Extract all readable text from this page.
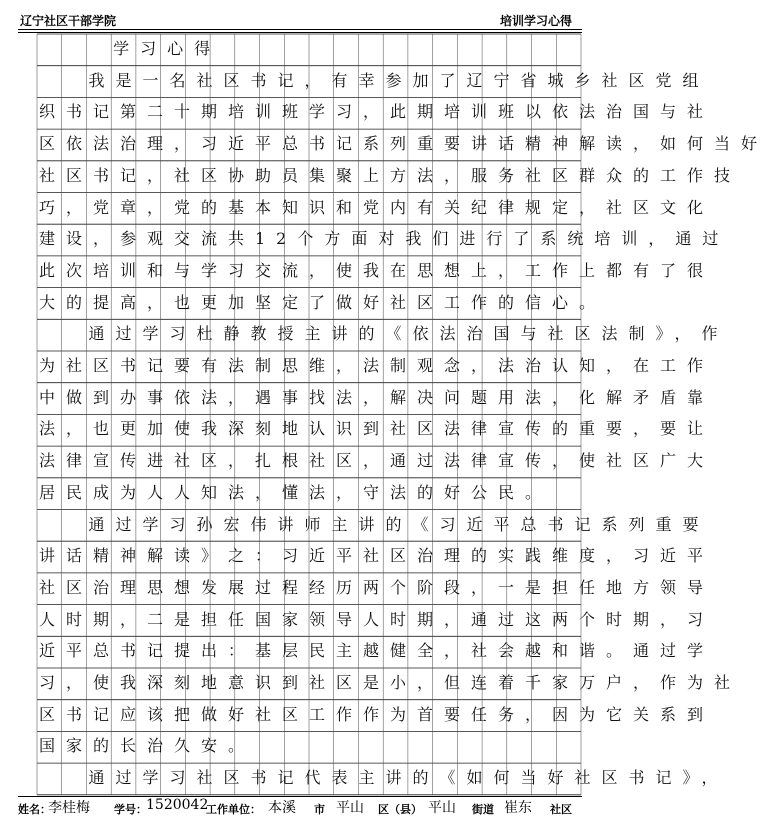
辽宁社区干部学院	培训学习心得
学习心得
我是一名社区书记，有幸参加了辽宁省城乡社区党组
织书记第二十期培训班学习，此期培训班以依法治国与社
区依法治理，习近平总书记系列重要讲话精神解读，如何当好
社区书记，社区协助员集聚上方法，服务社区群众的工作技
巧，党章，党的基本知识和党内有关纪律规定，社区文化
建设，参观交流共12个方面对我们进行了系统培训，通过
此次培训和与学习交流，使我在思想上，工作上都有了很
大的提高，也更加坚定了做好社区工作的信心。
通过学习杜静教授主讲的《依法治国与社区法制》，作
为社区书记要有法制思维，法制观念，法治认知，在工作
中做到办事依法，遇事找法，解决问题用法，化解矛盾靠
法，也更加使我深刻地认识到社区法律宣传的重要，要让
法律宣传进社区，扎根社区，通过法律宣传，使社区广大
居民成为人人知法，懂法，守法的好公民。
通过学习孙宏伟讲师主讲的《习近平总书记系列重要
讲话精神解读》之：习近平社区治理的实践维度，习近平
社区治理思想发展过程经历两个阶段，一是担任地方领导
人时期，二是担任国家领导人时期，通过这两个时期，习
近平总书记提出：基层民主越健全，社会越和谐。通过学
习，使我深刻地意识到社区是小，但连着千家万户，作为社
区书记应该把做好社区工作作为首要任务，因为它关系到
国家的长治久安。
通过学习社区书记代表主讲的《如何当好社区书记》，
姓名：
李桂梅 学号： 1520042
工作单位： 本溪 市 平山 区（县） 平山 街道 崔东 社区
